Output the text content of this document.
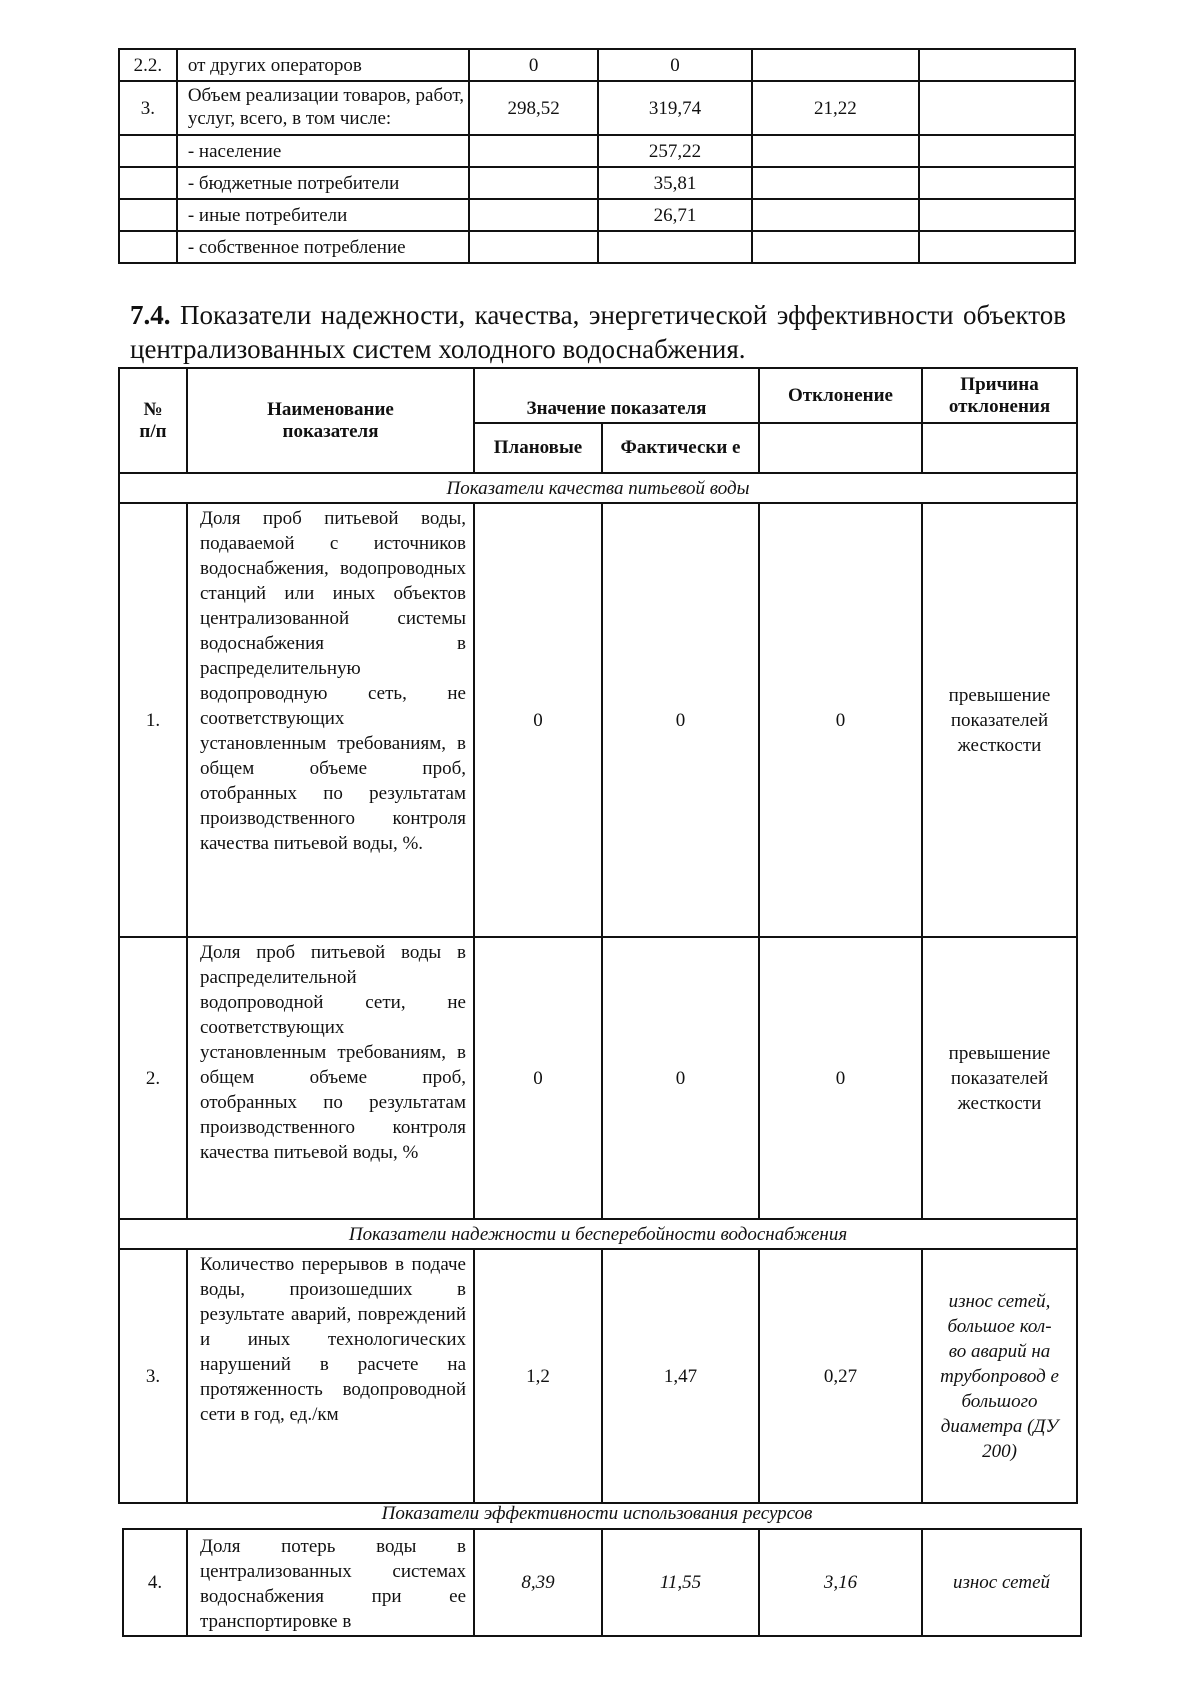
2.2.	от других операторов	0	0		
3.	Объем реализации товаров, работ, услуг, всего, в том числе:	298,52	319,74	21,22	
	- население		257,22		
	- бюджетные потребители		35,81		
	- иные потребители		26,71		
	- собственное потребление				
7.4. Показатели надежности, качества, энергетической эффективности объектов централизованных систем холодного водоснабжения.
№ п/п	Наименование показателя	Значение показателя		Отклонение	Причина отклонения
		Плановые	Фактически е		
Показатели качества питьевой воды					
1.	Доля проб питьевой воды, подаваемой с источников водоснабжения, водопроводных станций или иных объектов централизованной системы водоснабжения в распределительную водопроводную сеть, не соответствующих установленным требованиям, в общем объеме проб, отобранных по результатам производственного контроля качества питьевой воды, %.	0	0	0	превышение показателей жесткости
2.	Доля проб питьевой воды в распределительной водопроводной сети, не соответствующих установленным требованиям, в общем объеме проб, отобранных по результатам производственного контроля качества питьевой воды, %	0	0	0	превышение показателей жесткости
Показатели надежности и бесперебойности водоснабжения					
3.	Количество перерывов в подаче воды, произошедших в результате аварий, повреждений и иных технологических нарушений в расчете на протяженность водопроводной сети в год, ед./км	1,2	1,47	0,27	износ сетей, большое кол-во аварий на трубопровод е большого диаметра (ДУ 200)
Показатели эффективности использования ресурсов
4.	Доля потерь воды в централизованных системах водоснабжения при ее транспортировке в	8,39	11,55	3,16	износ сетей
